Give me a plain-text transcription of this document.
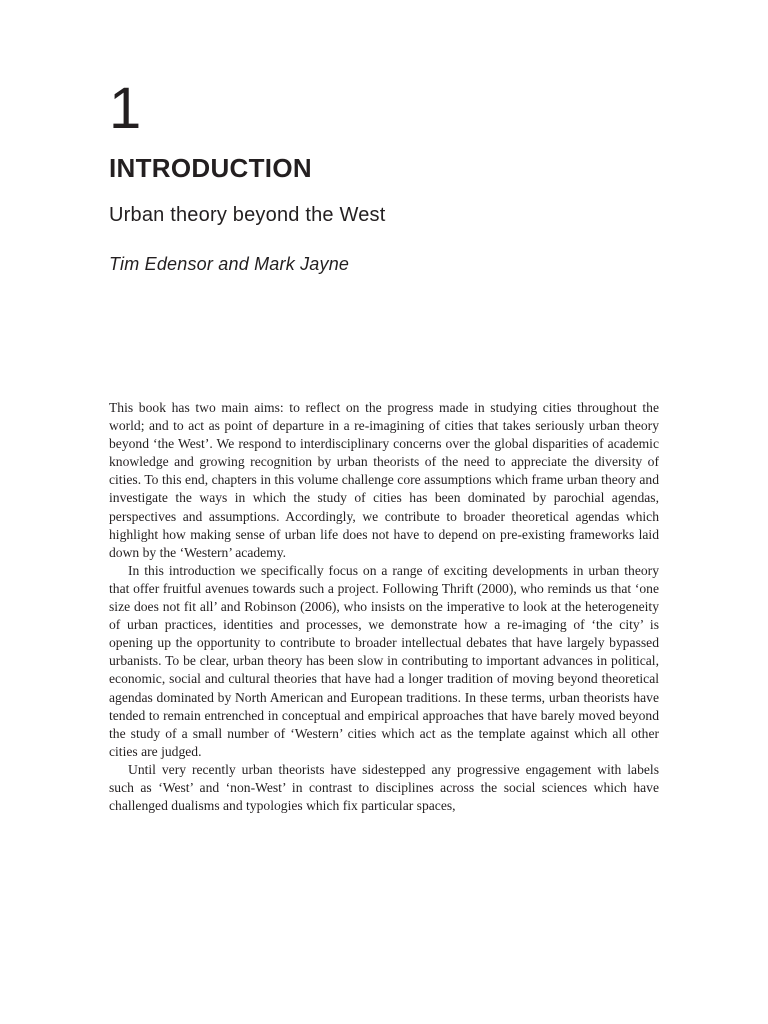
1
INTRODUCTION
Urban theory beyond the West
Tim Edensor and Mark Jayne

This book has two main aims: to reflect on the progress made in studying cities throughout the world; and to act as point of departure in a re-imagining of cities that takes seriously urban theory beyond ‘the West’. We respond to interdisciplinary concerns over the global disparities of academic knowledge and growing recognition by urban theorists of the need to appreciate the diversity of cities. To this end, chapters in this volume challenge core assumptions which frame urban theory and investigate the ways in which the study of cities has been dominated by parochial agendas, perspectives and assumptions. Accordingly, we contribute to broader theoretical agendas which highlight how making sense of urban life does not have to depend on pre-existing frameworks laid down by the ‘Western’ academy.

In this introduction we specifically focus on a range of exciting developments in urban theory that offer fruitful avenues towards such a project. Following Thrift (2000), who reminds us that ‘one size does not fit all’ and Robinson (2006), who insists on the imperative to look at the heterogeneity of urban practices, identities and processes, we demonstrate how a re-imaging of ‘the city’ is opening up the opportunity to contribute to broader intellectual debates that have largely bypassed urbanists. To be clear, urban theory has been slow in contributing to important advances in political, economic, social and cultural theories that have had a longer tradition of moving beyond theoretical agendas dominated by North American and European traditions. In these terms, urban theorists have tended to remain entrenched in conceptual and empirical approaches that have barely moved beyond the study of a small number of ‘Western’ cities which act as the template against which all other cities are judged.

Until very recently urban theorists have sidestepped any progressive engagement with labels such as ‘West’ and ‘non-West’ in contrast to disciplines across the social sciences which have challenged dualisms and typologies which fix particular spaces,
